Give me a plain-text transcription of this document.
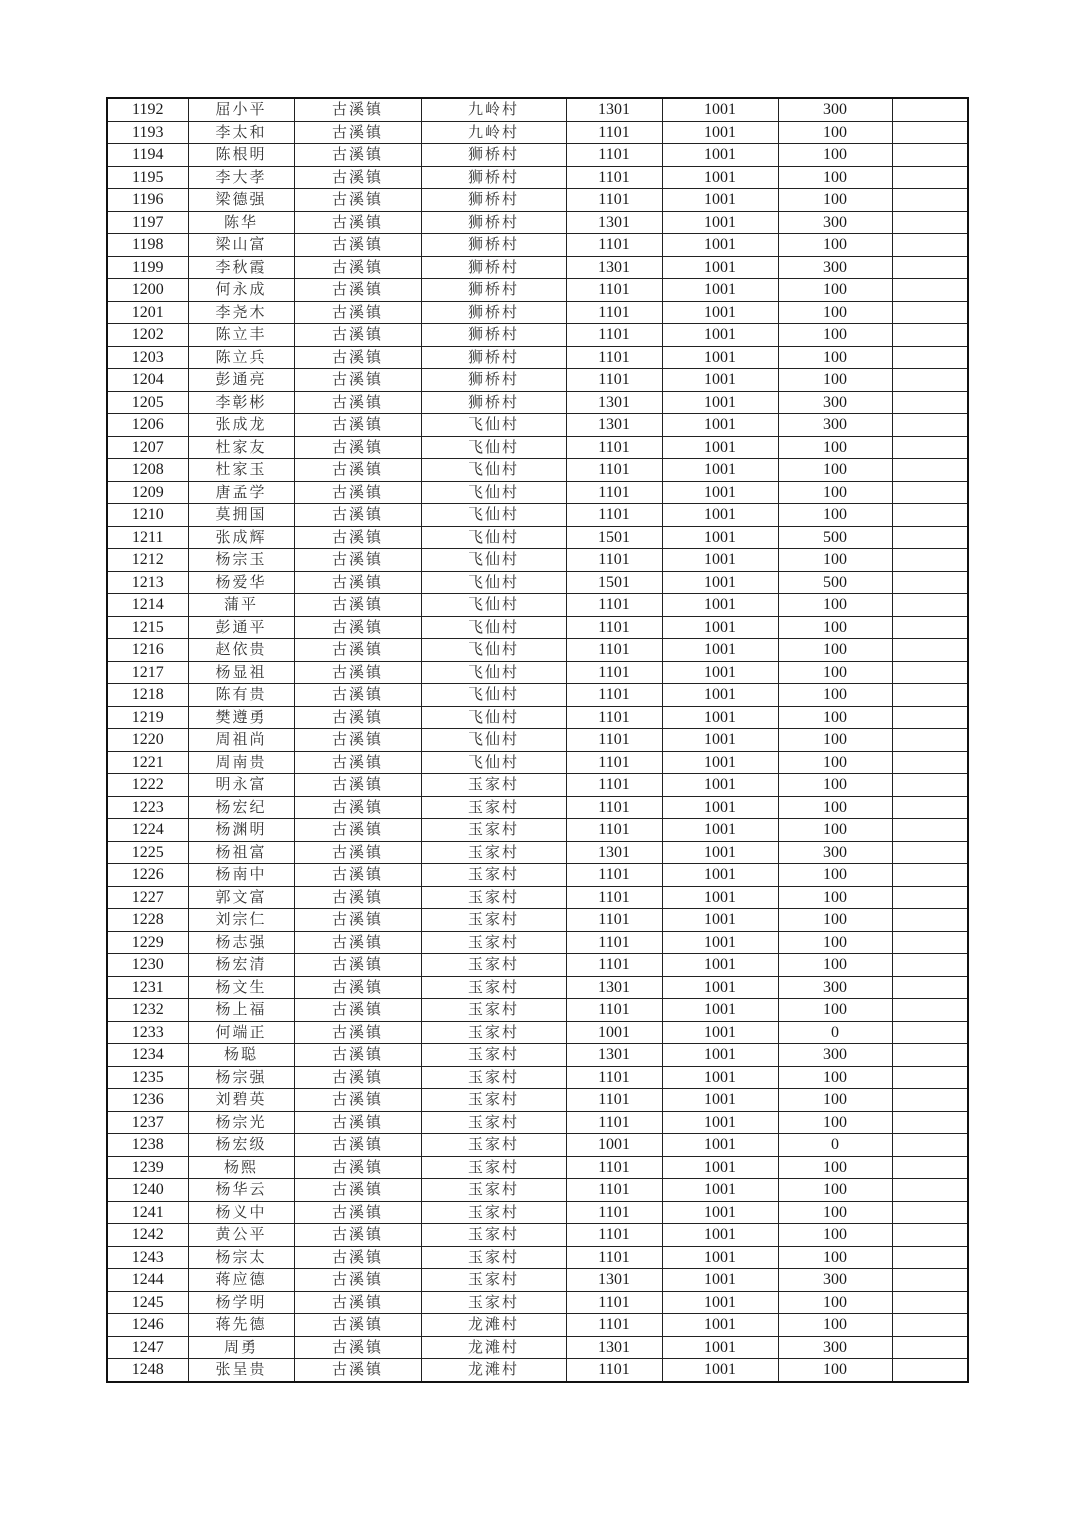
1192	屈小平	古溪镇	九岭村	1301	1001	300	
1193	李太和	古溪镇	九岭村	1101	1001	100	
1194	陈根明	古溪镇	狮桥村	1101	1001	100	
1195	李大孝	古溪镇	狮桥村	1101	1001	100	
1196	梁德强	古溪镇	狮桥村	1101	1001	100	
1197	陈华	古溪镇	狮桥村	1301	1001	300	
1198	梁山富	古溪镇	狮桥村	1101	1001	100	
1199	李秋霞	古溪镇	狮桥村	1301	1001	300	
1200	何永成	古溪镇	狮桥村	1101	1001	100	
1201	李尧木	古溪镇	狮桥村	1101	1001	100	
1202	陈立丰	古溪镇	狮桥村	1101	1001	100	
1203	陈立兵	古溪镇	狮桥村	1101	1001	100	
1204	彭通亮	古溪镇	狮桥村	1101	1001	100	
1205	李彰彬	古溪镇	狮桥村	1301	1001	300	
1206	张成龙	古溪镇	飞仙村	1301	1001	300	
1207	杜家友	古溪镇	飞仙村	1101	1001	100	
1208	杜家玉	古溪镇	飞仙村	1101	1001	100	
1209	唐孟学	古溪镇	飞仙村	1101	1001	100	
1210	莫拥国	古溪镇	飞仙村	1101	1001	100	
1211	张成辉	古溪镇	飞仙村	1501	1001	500	
1212	杨宗玉	古溪镇	飞仙村	1101	1001	100	
1213	杨爱华	古溪镇	飞仙村	1501	1001	500	
1214	蒲平	古溪镇	飞仙村	1101	1001	100	
1215	彭通平	古溪镇	飞仙村	1101	1001	100	
1216	赵依贵	古溪镇	飞仙村	1101	1001	100	
1217	杨显祖	古溪镇	飞仙村	1101	1001	100	
1218	陈有贵	古溪镇	飞仙村	1101	1001	100	
1219	樊遵勇	古溪镇	飞仙村	1101	1001	100	
1220	周祖尚	古溪镇	飞仙村	1101	1001	100	
1221	周南贵	古溪镇	飞仙村	1101	1001	100	
1222	明永富	古溪镇	玉家村	1101	1001	100	
1223	杨宏纪	古溪镇	玉家村	1101	1001	100	
1224	杨渊明	古溪镇	玉家村	1101	1001	100	
1225	杨祖富	古溪镇	玉家村	1301	1001	300	
1226	杨南中	古溪镇	玉家村	1101	1001	100	
1227	郭文富	古溪镇	玉家村	1101	1001	100	
1228	刘宗仁	古溪镇	玉家村	1101	1001	100	
1229	杨志强	古溪镇	玉家村	1101	1001	100	
1230	杨宏清	古溪镇	玉家村	1101	1001	100	
1231	杨文生	古溪镇	玉家村	1301	1001	300	
1232	杨上福	古溪镇	玉家村	1101	1001	100	
1233	何端正	古溪镇	玉家村	1001	1001	0	
1234	杨聪	古溪镇	玉家村	1301	1001	300	
1235	杨宗强	古溪镇	玉家村	1101	1001	100	
1236	刘碧英	古溪镇	玉家村	1101	1001	100	
1237	杨宗光	古溪镇	玉家村	1101	1001	100	
1238	杨宏级	古溪镇	玉家村	1001	1001	0	
1239	杨熙	古溪镇	玉家村	1101	1001	100	
1240	杨华云	古溪镇	玉家村	1101	1001	100	
1241	杨义中	古溪镇	玉家村	1101	1001	100	
1242	黄公平	古溪镇	玉家村	1101	1001	100	
1243	杨宗太	古溪镇	玉家村	1101	1001	100	
1244	蒋应德	古溪镇	玉家村	1301	1001	300	
1245	杨学明	古溪镇	玉家村	1101	1001	100	
1246	蒋先德	古溪镇	龙滩村	1101	1001	100	
1247	周勇	古溪镇	龙滩村	1301	1001	300	
1248	张呈贵	古溪镇	龙滩村	1101	1001	100	
